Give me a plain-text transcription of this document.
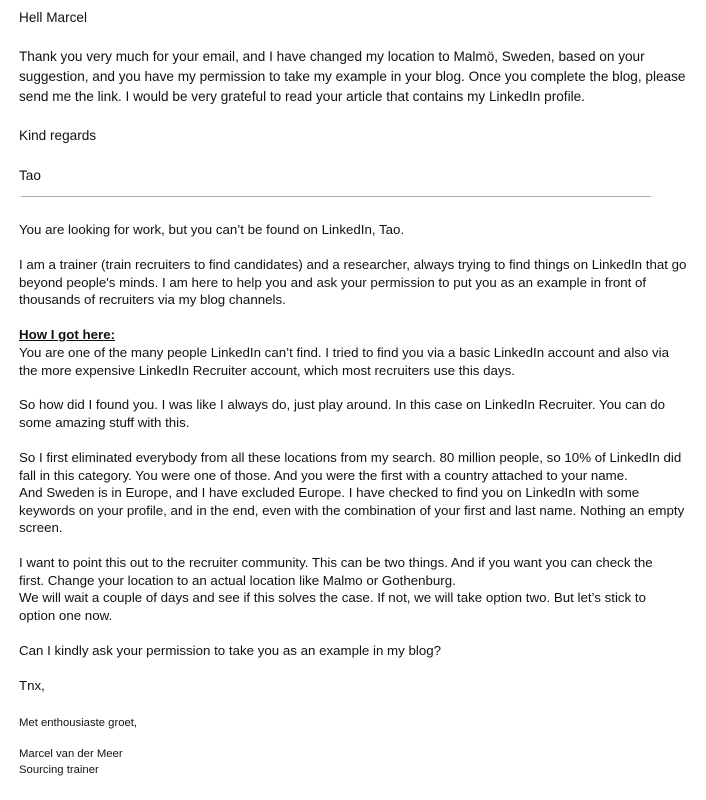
Hell Marcel

Thank you very much for your email, and I have changed my location to Malmö, Sweden, based on your
suggestion, and you have my permission to take my example in your blog. Once you complete the blog, please
send me the link. I would be very grateful to read your article that contains my LinkedIn profile.

Kind regards

Tao

You are looking for work, but you can’t be found on LinkedIn, Tao.

I am a trainer (train recruiters to find candidates) and a researcher, always trying to find things on LinkedIn that go
beyond people's minds. I am here to help you and ask your permission to put you as an example in front of
thousands of recruiters via my blog channels.

How I got here:

You are one of the many people LinkedIn can’t find. I tried to find you via a basic LinkedIn account and also via
the more expensive LinkedIn Recruiter account, which most recruiters use this days.

So how did I found you. I was like I always do, just play around. In this case on LinkedIn Recruiter. You can do
some amazing stuff with this.

So I first eliminated everybody from all these locations from my search. 80 million people, so 10% of LinkedIn did
fall in this category. You were one of those. And you were the first with a country attached to your name.
And Sweden is in Europe, and I have excluded Europe. I have checked to find you on LinkedIn with some
keywords on your profile, and in the end, even with the combination of your first and last name. Nothing an empty
screen.

I want to point this out to the recruiter community. This can be two things. And if you want you can check the
first. Change your location to an actual location like Malmo or Gothenburg.
We will wait a couple of days and see if this solves the case. If not, we will take option two. But let’s stick to
option one now.

Can I kindly ask your permission to take you as an example in my blog?

Tnx,

Met enthousiaste groet,

Marcel van der Meer

Sourcing trainer
